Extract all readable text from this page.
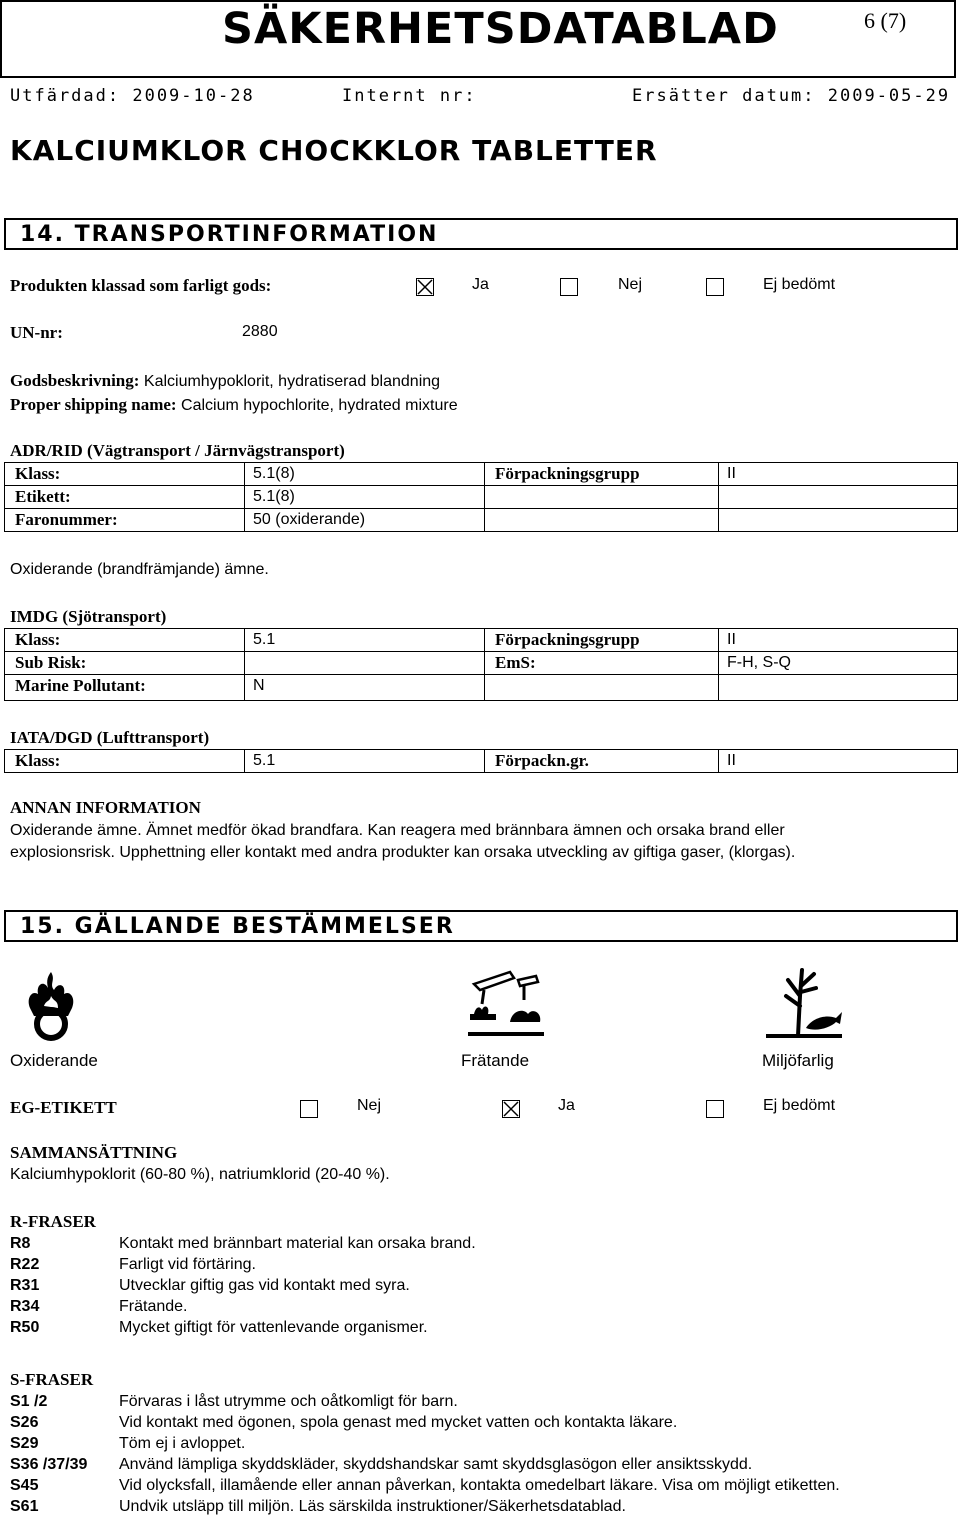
SÄKERHETSDATABLAD	6 (7)
Utfärdad: 2009-10-28	Internt nr:	Ersätter datum: 2009-05-29
KALCIUMKLOR CHOCKKLOR TABLETTER
14. TRANSPORTINFORMATION
Produkten klassad som farligt gods:	Ja	Nej	Ej bedömt
UN-nr:	2880
Godsbeskrivning: Kalciumhypoklorit, hydratiserad blandning
Proper shipping name: Calcium hypochlorite, hydrated mixture
ADR/RID (Vägtransport / Järnvägstransport)
Klass:	5.1(8)	Förpackningsgrupp	II

Etikett:	5.1(8)		

Faronummer:	50 (oxiderande)		

Oxiderande (brandfrämjande) ämne.
IMDG (Sjötransport)
Klass:	5.1	Förpackningsgrupp	II

Sub Risk:		EmS:	F-H, S-Q

Marine Pollutant:	N		

IATA/DGD (Lufttransport)
Klass:	5.1	Förpackn.gr.	II
ANNAN INFORMATION
Oxiderande ämne. Ämnet medför ökad brandfara. Kan reagera med brännbara ämnen och orsaka brand eller
explosionsrisk. Upphettning eller kontakt med andra produkter kan orsaka utveckling av giftiga gaser, (klorgas).
15. GÄLLANDE BESTÄMMELSER
Oxiderande	Frätande	Miljöfarlig
EG-ETIKETT	Nej	Ja	Ej bedömt
SAMMANSÄTTNING
Kalciumhypoklorit (60-80 %), natriumklorid (20-40 %).
R-FRASER
R8	Kontakt med brännbart material kan orsaka brand.
R22	Farligt vid förtäring.
R31	Utvecklar giftig gas vid kontakt med syra.
R34	Frätande.
R50	Mycket giftigt för vattenlevande organismer.
S-FRASER
S1 /2	Förvaras i låst utrymme och oåtkomligt för barn.
S26	Vid kontakt med ögonen, spola genast med mycket vatten och kontakta läkare.
S29	Töm ej i avloppet.
S36 /37/39 Använd lämpliga skyddskläder, skyddshandskar samt skyddsglasögon eller ansiktsskydd.
S45	Vid olycksfall, illamående eller annan påverkan, kontakta omedelbart läkare. Visa om möjligt etiketten.
S61	Undvik utsläpp till miljön. Läs särskilda instruktioner/Säkerhetsdatablad.
